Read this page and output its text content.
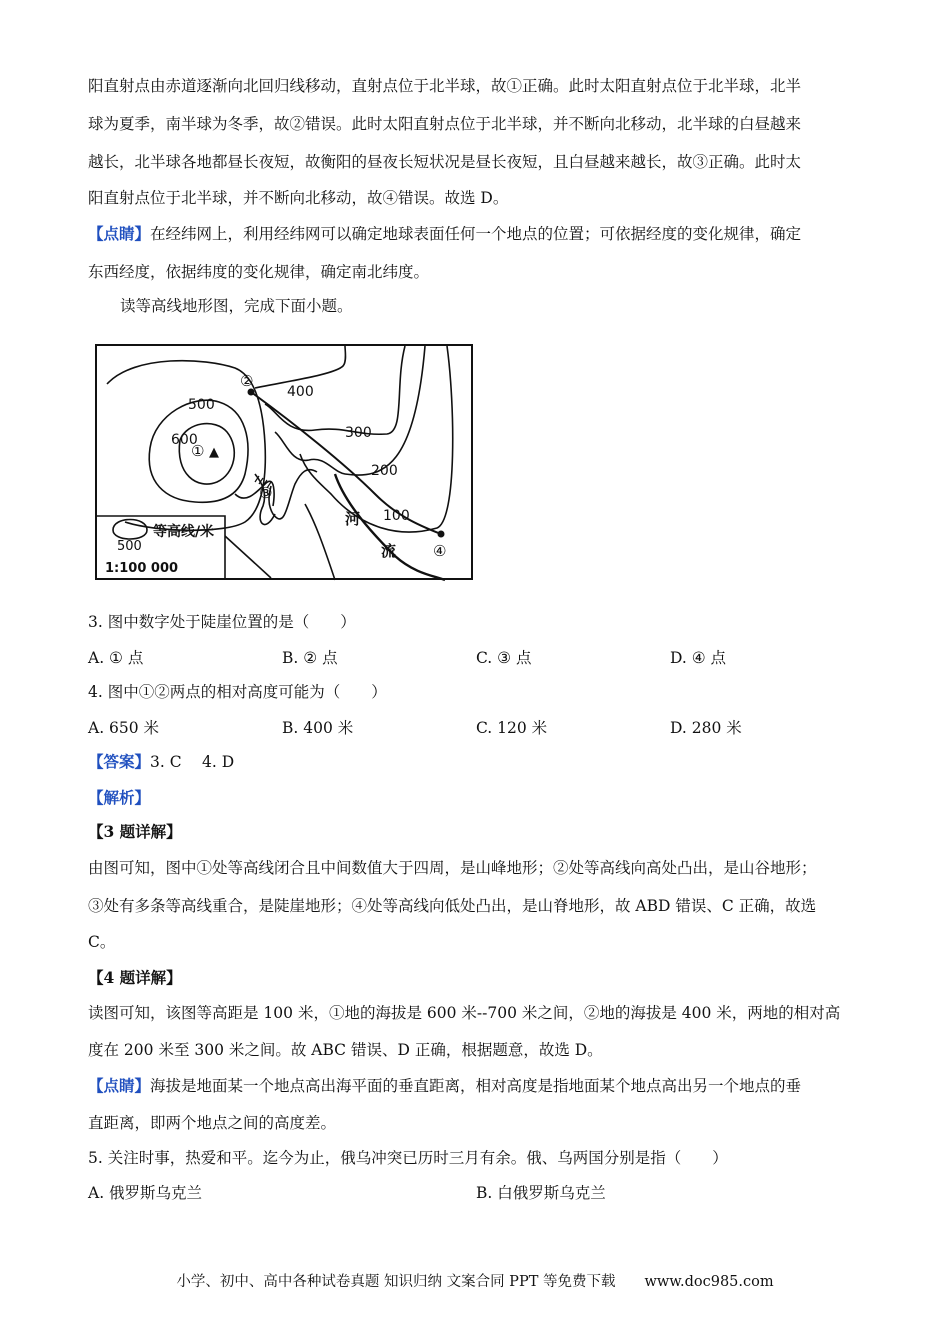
阳直射点由赤道逐渐向北回归线移动，直射点位于北半球，故①正确。此时太阳直射点位于北半球，北半
球为夏季，南半球为冬季，故②错误。此时太阳直射点位于北半球，并不断向北移动，北半球的白昼越来
越长，北半球各地都昼长夜短，故衡阳的昼夜长短状况是昼长夜短，且白昼越来越长，故③正确。此时太
阳直射点位于北半球，并不断向北移动，故④错误。故选 D。
【点睛】在经纬网上，利用经纬网可以确定地球表面任何一个地点的位置；可依据经度的变化规律，确定
东西经度，依据纬度的变化规律，确定南北纬度。
读等高线地形图，完成下面小题。
500
600
① ▲
②
400
300
200
100
③
④
河
流
500
等高线/米
1:100 000
3. 图中数字处于陡崖位置的是（　　）
A. ① 点	B. ② 点	C. ③ 点	D. ④ 点
4. 图中①②两点的相对高度可能为（　　）
A. 650 米	B. 400 米	C. 120 米	D. 280 米
【答案】3. C　 4. D
【解析】
【3 题详解】
由图可知，图中①处等高线闭合且中间数值大于四周，是山峰地形；②处等高线向高处凸出，是山谷地形；
③处有多条等高线重合，是陡崖地形；④处等高线向低处凸出，是山脊地形，故 ABD 错误、C 正确，故选
C。
【4 题详解】
读图可知，该图等高距是 100 米，①地的海拔是 600 米--700 米之间，②地的海拔是 400 米，两地的相对高
度在 200 米至 300 米之间。故 ABC 错误、D 正确，根据题意，故选 D。
【点睛】海拔是地面某一个地点高出海平面的垂直距离，相对高度是指地面某个地点高出另一个地点的垂
直距离，即两个地点之间的高度差。
5. 关注时事，热爱和平。迄今为止，俄乌冲突已历时三月有余。俄、乌两国分别是指（　　）
A. 俄罗斯乌克兰	B. 白俄罗斯乌克兰
小学、初中、高中各种试卷真题 知识归纳 文案合同 PPT 等免费下载　　www.doc985.com
